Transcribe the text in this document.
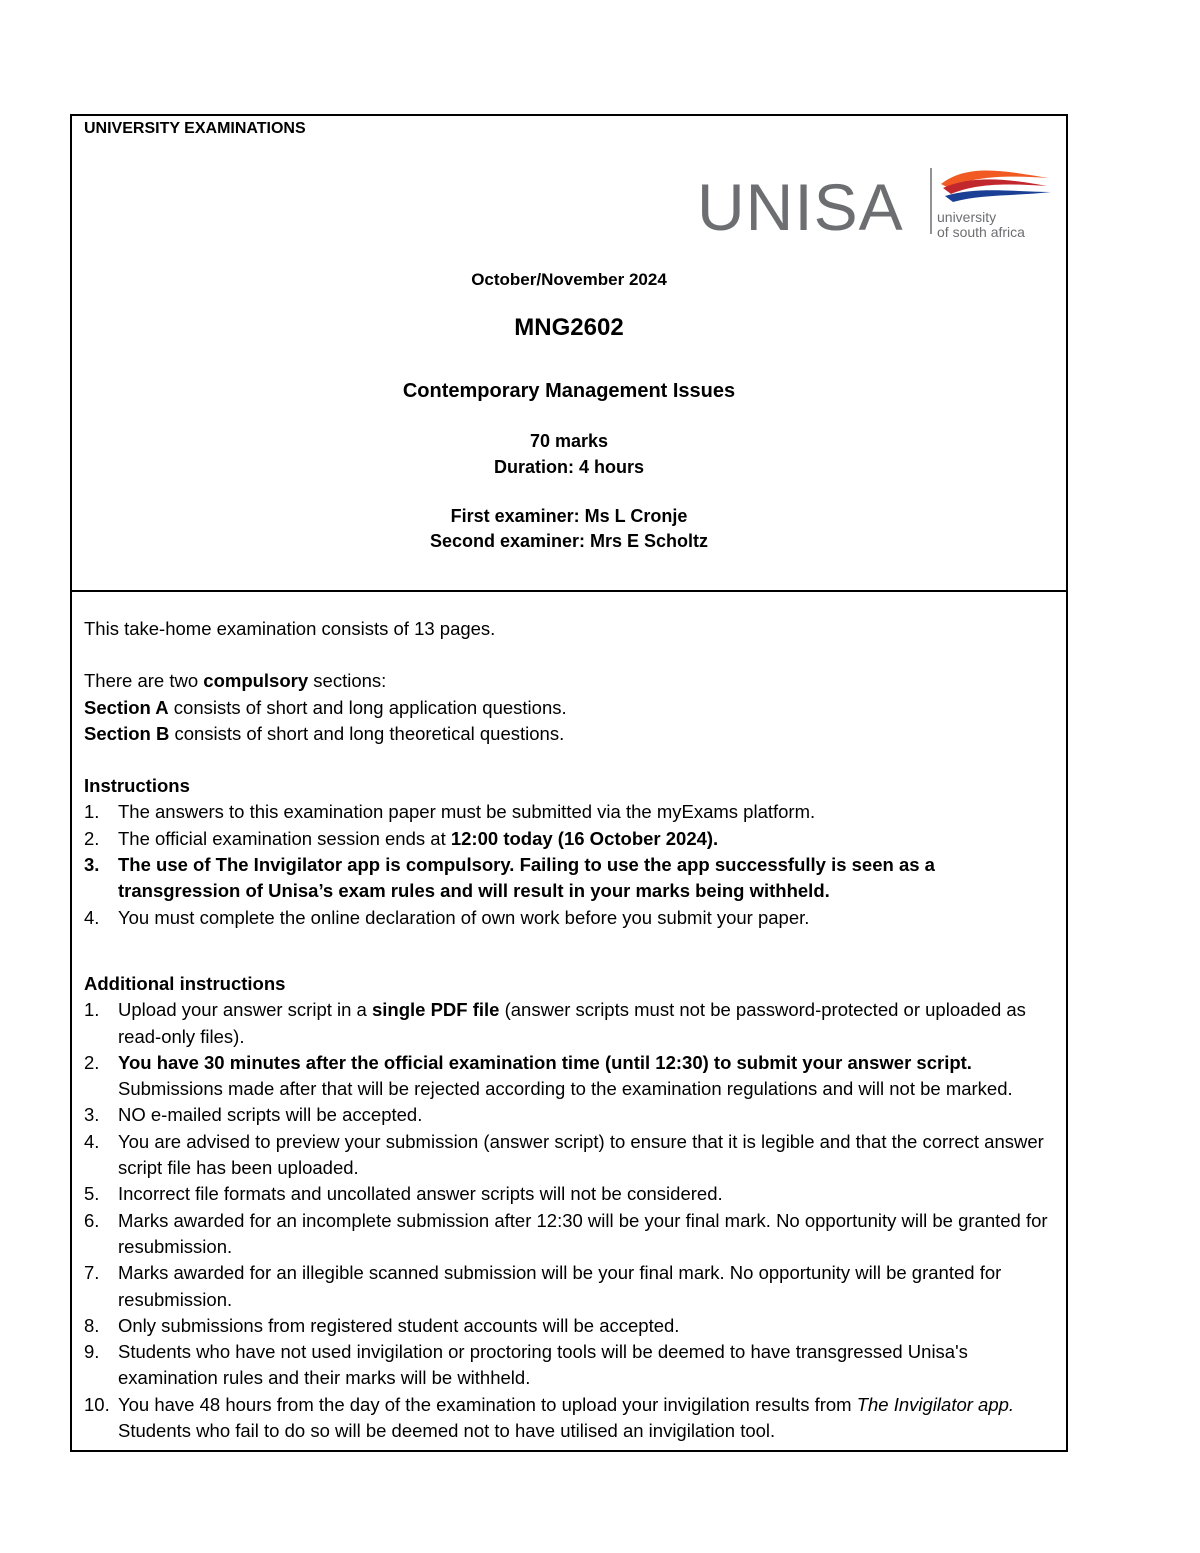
UNIVERSITY EXAMINATIONS
UNISA university
of south africa
October/November 2024
MNG2602
Contemporary Management Issues
70 marks
Duration: 4 hours
First examiner: Ms L Cronje
Second examiner: Mrs E Scholtz

This take-home examination consists of 13 pages.

There are two compulsory sections:

Section A consists of short and long application questions.

Section B consists of short and long theoretical questions.

Instructions

1. The answers to this examination paper must be submitted via the myExams platform.
2. The official examination session ends at 12:00 today (16 October 2024).
3. The use of The Invigilator app is compulsory. Failing to use the app successfully is seen as a transgression of Unisa’s exam rules and will result in your marks being withheld.
4. You must complete the online declaration of own work before you submit your paper.

Additional instructions

1. Upload your answer script in a single PDF file (answer scripts must not be password-protected or uploaded as read-only files).
2. You have 30 minutes after the official examination time (until 12:30) to submit your answer script. Submissions made after that will be rejected according to the examination regulations and will not be marked.
3. NO e-mailed scripts will be accepted.
4. You are advised to preview your submission (answer script) to ensure that it is legible and that the correct answer script file has been uploaded.
5. Incorrect file formats and uncollated answer scripts will not be considered.
6. Marks awarded for an incomplete submission after 12:30 will be your final mark. No opportunity will be granted for resubmission.
7. Marks awarded for an illegible scanned submission will be your final mark. No opportunity will be granted for resubmission.
8. Only submissions from registered student accounts will be accepted.
9. Students who have not used invigilation or proctoring tools will be deemed to have transgressed Unisa's examination rules and their marks will be withheld.
10. You have 48 hours from the day of the examination to upload your invigilation results from The Invigilator app. Students who fail to do so will be deemed not to have utilised an invigilation tool.
